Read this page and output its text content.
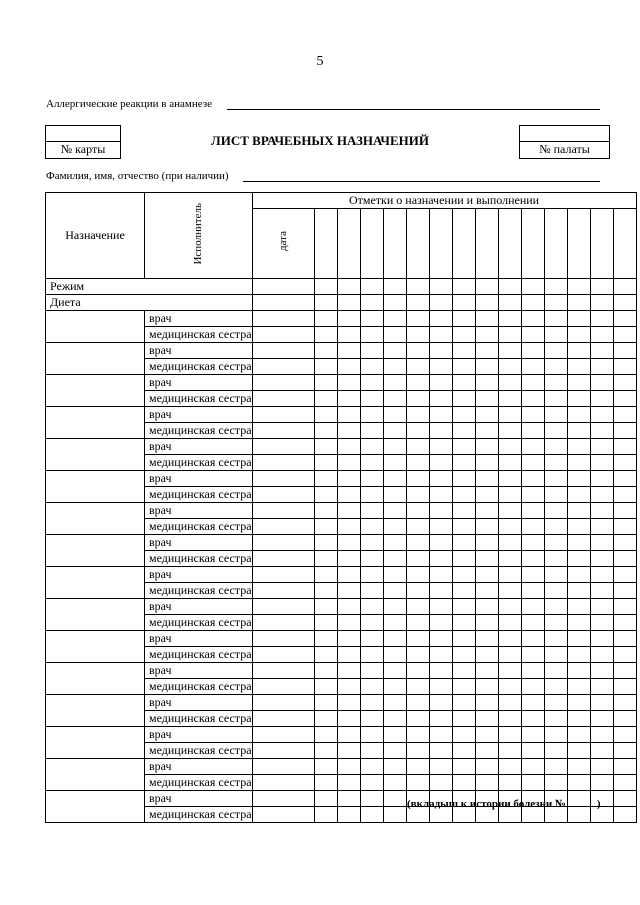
5
Аллергические реакции в анамнезе
№ карты
ЛИСТ ВРАЧЕБНЫХ НАЗНАЧЕНИЙ
№ палаты
Фамилия, имя, отчество (при наличии)
Назначение	Исполнитель	Отметки о назначении и выполнении														
		дата														
Режим																
Диета																
	врач															
	медицинская сестра															
	врач															
	медицинская сестра															
	врач															
	медицинская сестра															
	врач															
	медицинская сестра															
	врач															
	медицинская сестра															
	врач															
	медицинская сестра															
	врач															
	медицинская сестра															
	врач															
	медицинская сестра															
	врач															
	медицинская сестра															
	врач															
	медицинская сестра															
	врач															
	медицинская сестра															
	врач															
	медицинская сестра															
	врач															
	медицинская сестра															
	врач															
	медицинская сестра															
	врач															
	медицинская сестра															
	врач															
	медицинская сестра															
(вкладыш к истории болезни №	)
